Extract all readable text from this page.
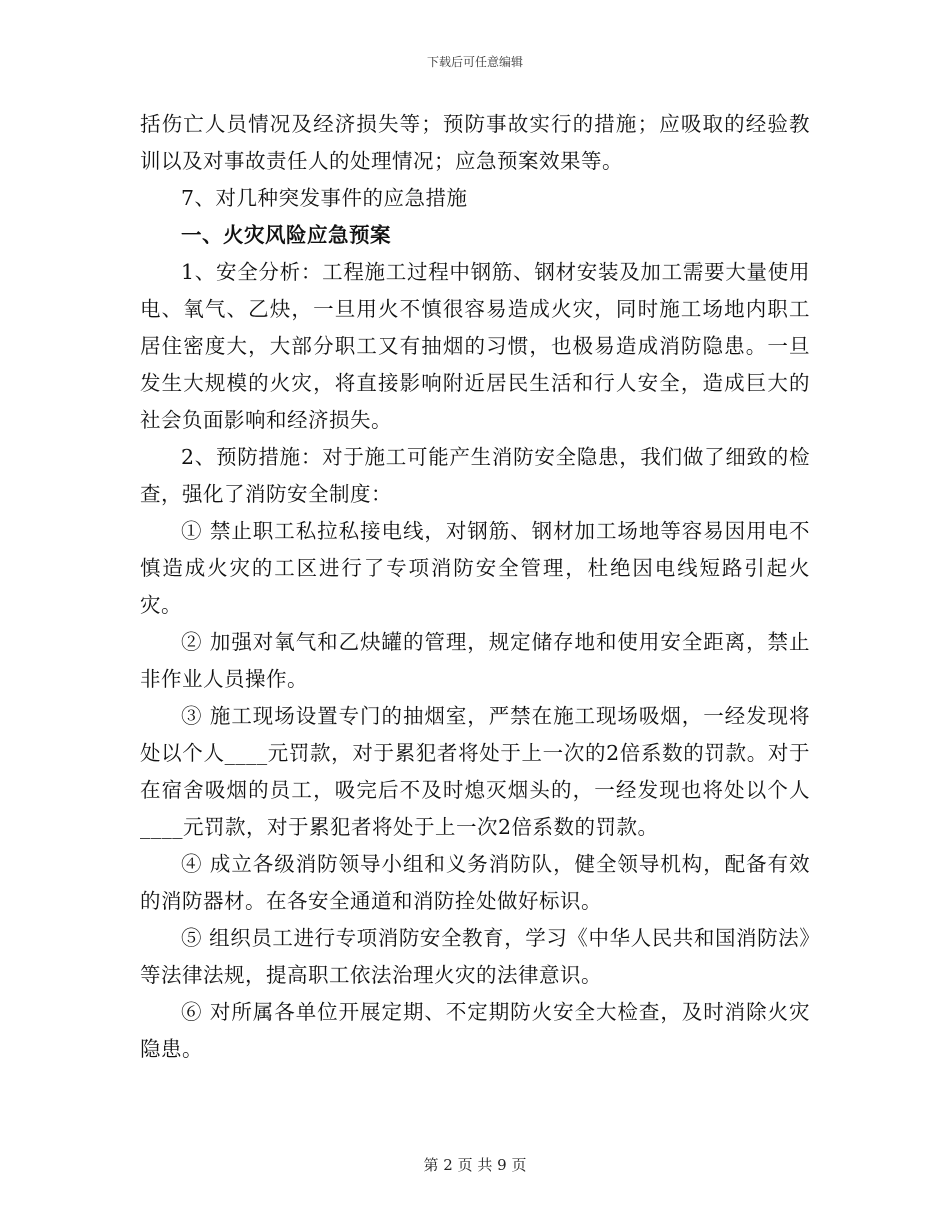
下载后可任意编辑

括伤亡人员情况及经济损失等；预防事故实行的措施；应吸取的经验教训以及对事故责任人的处理情况；应急预案效果等。

7、对几种突发事件的应急措施

一、火灾风险应急预案

1、安全分析：工程施工过程中钢筋、钢材安装及加工需要大量使用电、氧气、乙炔，一旦用火不慎很容易造成火灾，同时施工场地内职工居住密度大，大部分职工又有抽烟的习惯，也极易造成消防隐患。一旦发生大规模的火灾，将直接影响附近居民生活和行人安全，造成巨大的社会负面影响和经济损失。

2、预防措施：对于施工可能产生消防安全隐患，我们做了细致的检查，强化了消防安全制度：

① 禁止职工私拉私接电线，对钢筋、钢材加工场地等容易因用电不慎造成火灾的工区进行了专项消防安全管理，杜绝因电线短路引起火灾。

② 加强对氧气和乙炔罐的管理，规定储存地和使用安全距离，禁止非作业人员操作。

③ 施工现场设置专门的抽烟室，严禁在施工现场吸烟，一经发现将处以个人____元罚款，对于累犯者将处于上一次的2倍系数的罚款。对于在宿舍吸烟的员工，吸完后不及时熄灭烟头的，一经发现也将处以个人____元罚款，对于累犯者将处于上一次2倍系数的罚款。

④ 成立各级消防领导小组和义务消防队，健全领导机构，配备有效的消防器材。在各安全通道和消防拴处做好标识。

⑤ 组织员工进行专项消防安全教育，学习《中华人民共和国消防法》等法律法规，提高职工依法治理火灾的法律意识。

⑥ 对所属各单位开展定期、不定期防火安全大检查，及时消除火灾隐患。

第 2 页 共 9 页
